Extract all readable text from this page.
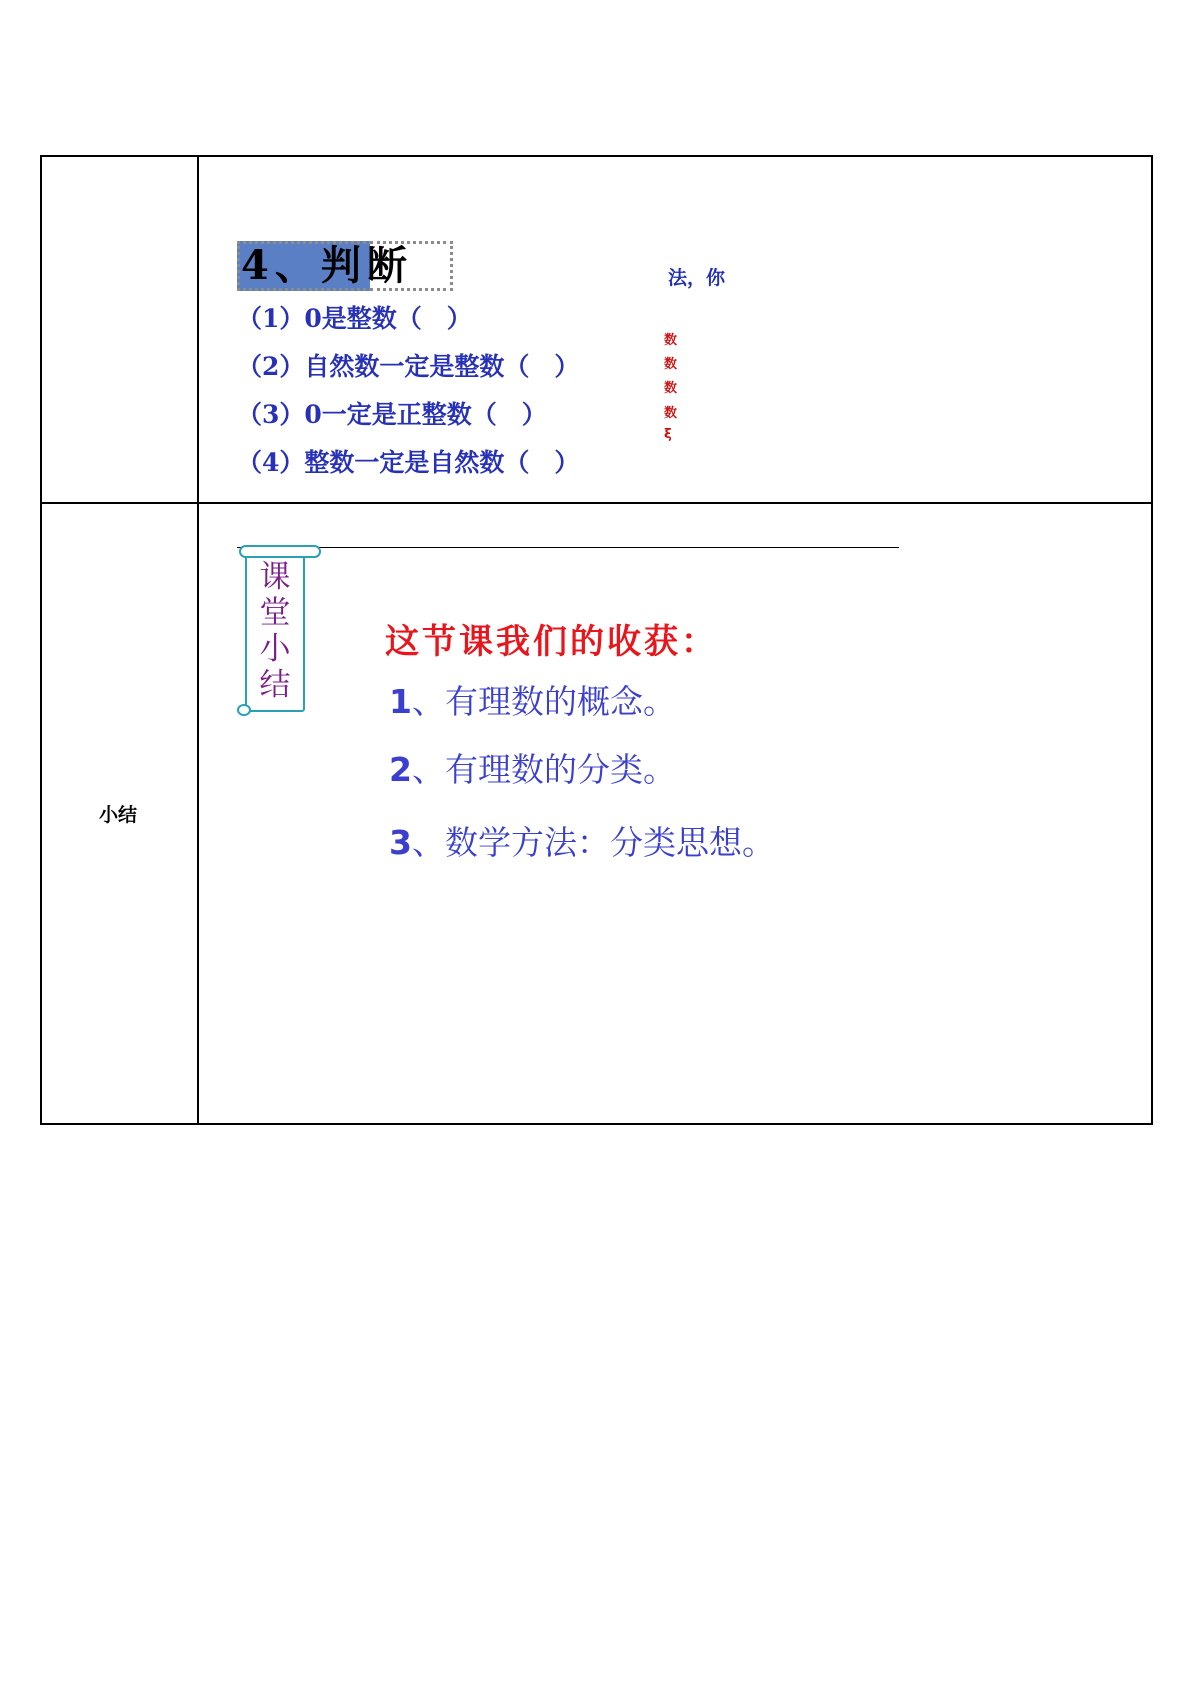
4、判断	法，你
（1）0是整数（　）
（2）自然数一定是整数（　）
（3）0一定是正整数（　）
（4）整数一定是自然数（　）
数
数
数
数
ξ
小结
课堂小结
这节课我们的收获：
1、有理数的概念。
2、有理数的分类。
3、数学方法：分类思想。
